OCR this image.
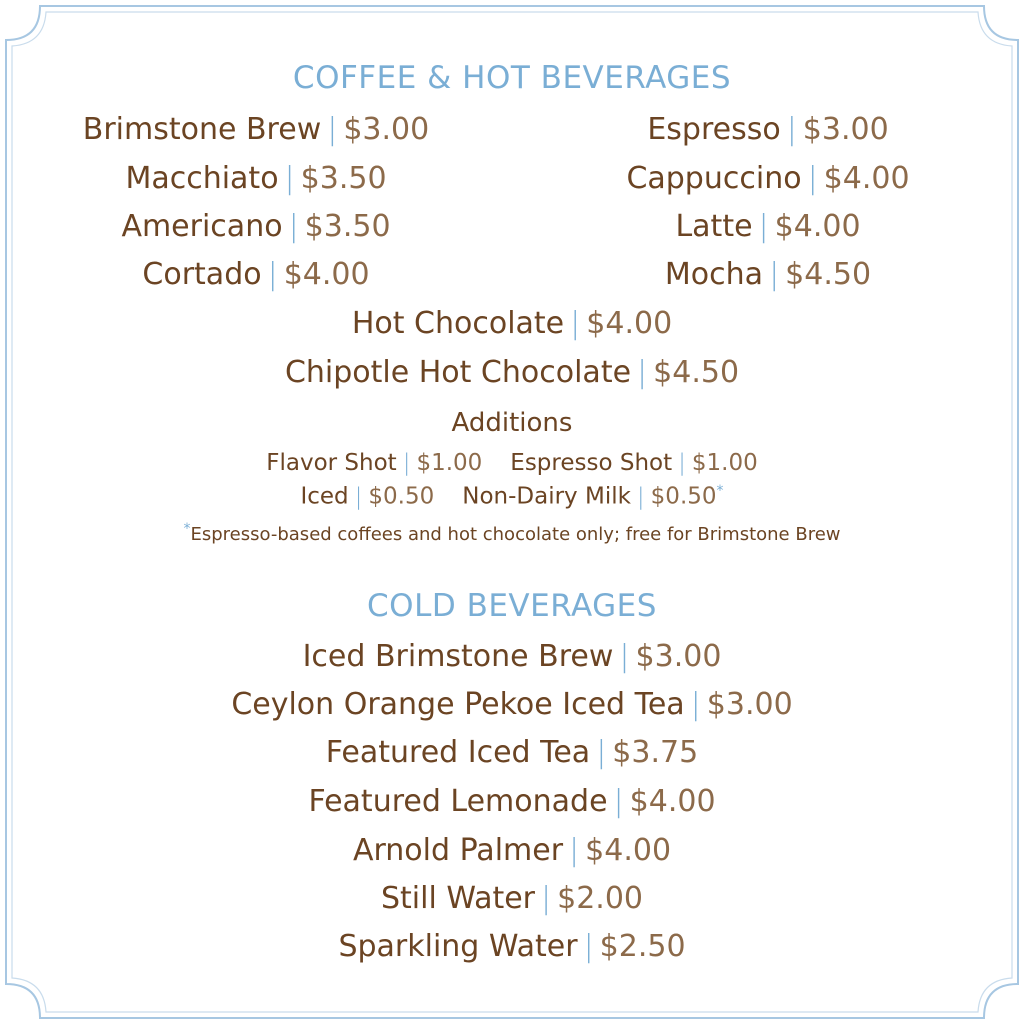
COFFEE & HOT BEVERAGES
Brimstone Brew | $3.00	Espresso | $3.00
Macchiato | $3.50	Cappuccino | $4.00
Americano | $3.50	Latte | $4.00
Cortado | $4.00	Mocha | $4.50
Hot Chocolate | $4.00
Chipotle Hot Chocolate | $4.50
Additions
Flavor Shot | $1.00 Espresso Shot | $1.00
Iced | $0.50 Non-Dairy Milk | $0.50*
*Espresso-based coffees and hot chocolate only; free for Brimstone Brew
COLD BEVERAGES
Iced Brimstone Brew | $3.00
Ceylon Orange Pekoe Iced Tea | $3.00
Featured Iced Tea | $3.75
Featured Lemonade | $4.00
Arnold Palmer | $4.00
Still Water | $2.00
Sparkling Water | $2.50
